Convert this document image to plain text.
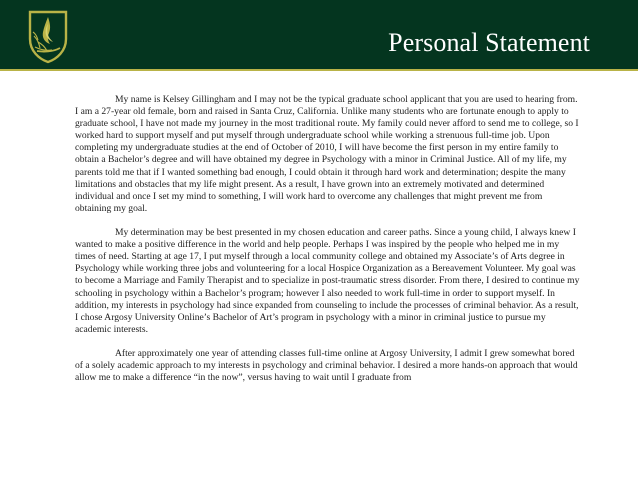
Personal Statement

My name is Kelsey Gillingham and I may not be the typical graduate school applicant that you are used to hearing from. I am a 27-year old female, born and raised in Santa Cruz, California. Unlike many students who are fortunate enough to apply to graduate school, I have not made my journey in the most traditional route. My family could never afford to send me to college, so I worked hard to support myself and put myself through undergraduate school while working a strenuous full-time job. Upon completing my undergraduate studies at the end of October of 2010, I will have become the first person in my entire family to obtain a Bachelor’s degree and will have obtained my degree in Psychology with a minor in Criminal Justice. All of my life, my parents told me that if I wanted something bad enough, I could obtain it through hard work and determination; despite the many limitations and obstacles that my life might present. As a result, I have grown into an extremely motivated and determined individual and once I set my mind to something, I will work hard to overcome any challenges that might prevent me from obtaining my goal.

My determination may be best presented in my chosen education and career paths. Since a young child, I always knew I wanted to make a positive difference in the world and help people. Perhaps I was inspired by the people who helped me in my times of need. Starting at age 17, I put myself through a local community college and obtained my Associate’s of Arts degree in Psychology while working three jobs and volunteering for a local Hospice Organization as a Bereavement Volunteer. My goal was to become a Marriage and Family Therapist and to specialize in post-traumatic stress disorder. From there, I desired to continue my schooling in psychology within a Bachelor’s program; however I also needed to work full-time in order to support myself. In addition, my interests in psychology had since expanded from counseling to include the processes of criminal behavior. As a result, I chose Argosy University Online’s Bachelor of Art’s program in psychology with a minor in criminal justice to pursue my academic interests.

After approximately one year of attending classes full-time online at Argosy University, I admit I grew somewhat bored of a solely academic approach to my interests in psychology and criminal behavior. I desired a more hands-on approach that would allow me to make a difference “in the now”, versus having to wait until I graduate from
